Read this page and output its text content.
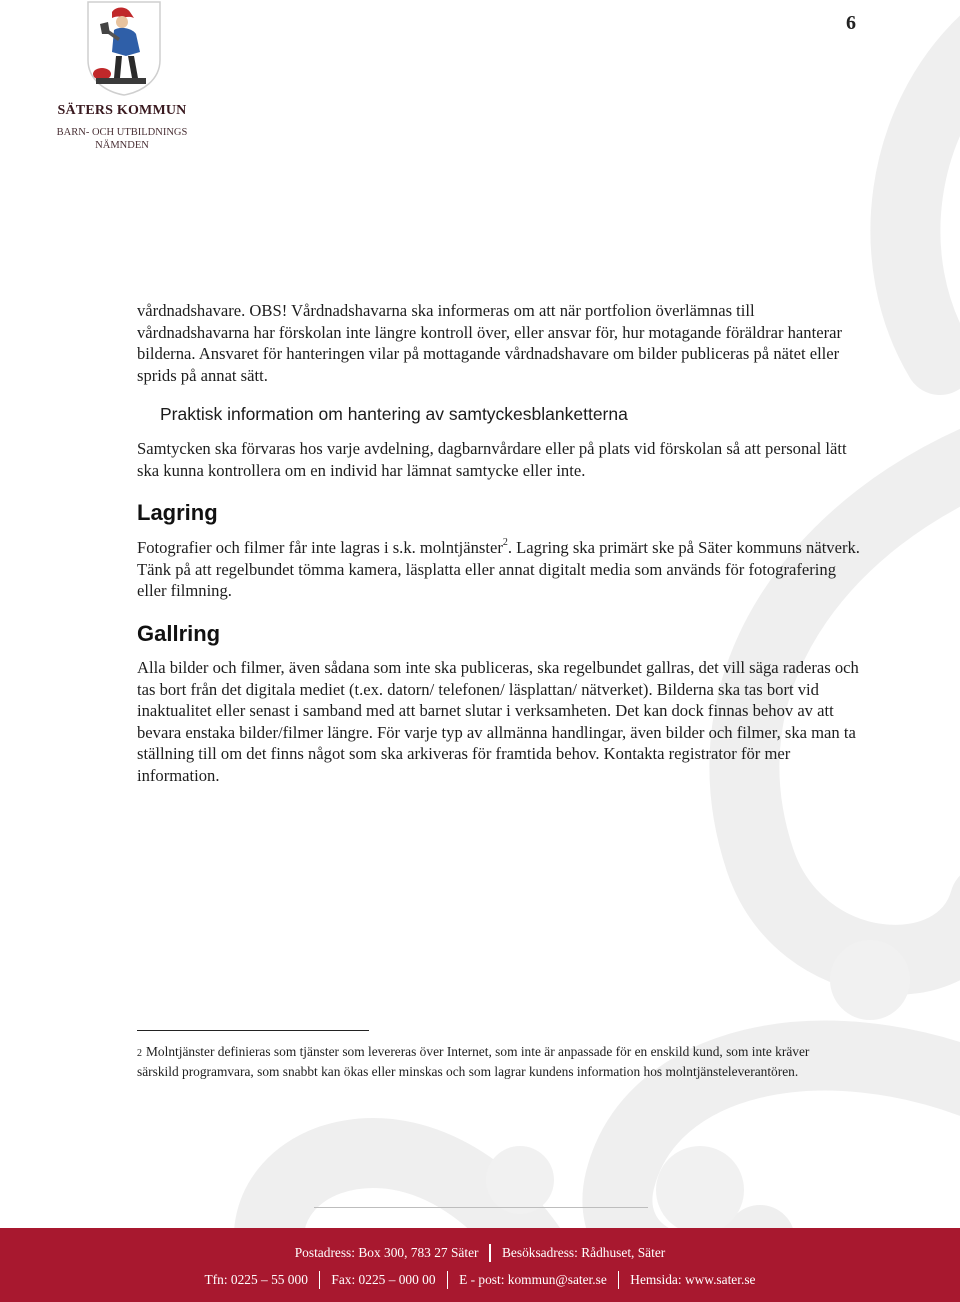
SÄTERS KOMMUN
BARN- OCH UTBILDNINGS
NÄMNDEN
6
vårdnadshavare. OBS! Vårdnadshavarna ska informeras om att när portfolion överlämnas till vårdnadshavarna har förskolan inte längre kontroll över, eller ansvar för, hur motagande föräldrar hanterar bilderna. Ansvaret för hanteringen vilar på mottagande vårdnadshavare om bilder publiceras på nätet eller sprids på annat sätt.
Praktisk information om hantering av samtyckesblanketterna
Samtycken ska förvaras hos varje avdelning, dagbarnvårdare eller på plats vid förskolan så att personal lätt ska kunna kontrollera om en individ har lämnat samtycke eller inte.
Lagring
Fotografier och filmer får inte lagras i s.k. molntjänster$^2$. Lagring ska primärt ske på Säter kommuns nätverk. Tänk på att regelbundet tömma kamera, läsplatta eller annat digitalt media som används för fotografering eller filmning.
Gallring
Alla bilder och filmer, även sådana som inte ska publiceras, ska regelbundet gallras, det vill säga raderas och tas bort från det digitala mediet (t.ex. datorn/ telefonen/ läsplattan/ nätverket). Bilderna ska tas bort vid inaktualitet eller senast i samband med att barnet slutar i verksamheten. Det kan dock finnas behov av att bevara enstaka bilder/filmer längre. För varje typ av allmänna handlingar, även bilder och filmer, ska man ta ställning till om det finns något som ska arkiveras för framtida behov. Kontakta registrator för mer information.
2 Molntjänster definieras som tjänster som levereras över Internet, som inte är anpassade för en enskild kund, som inte kräver särskild programvara, som snabbt kan ökas eller minskas och som lagrar kundens information hos molntjänsteleverantören.
Postadress: Box 300, 783 27 Säter Besöksadress: Rådhuset, Säter
Tfn: 0225 – 55 000 Fax: 0225 – 000 00 E - post: kommun@sater.se Hemsida: www.sater.se
